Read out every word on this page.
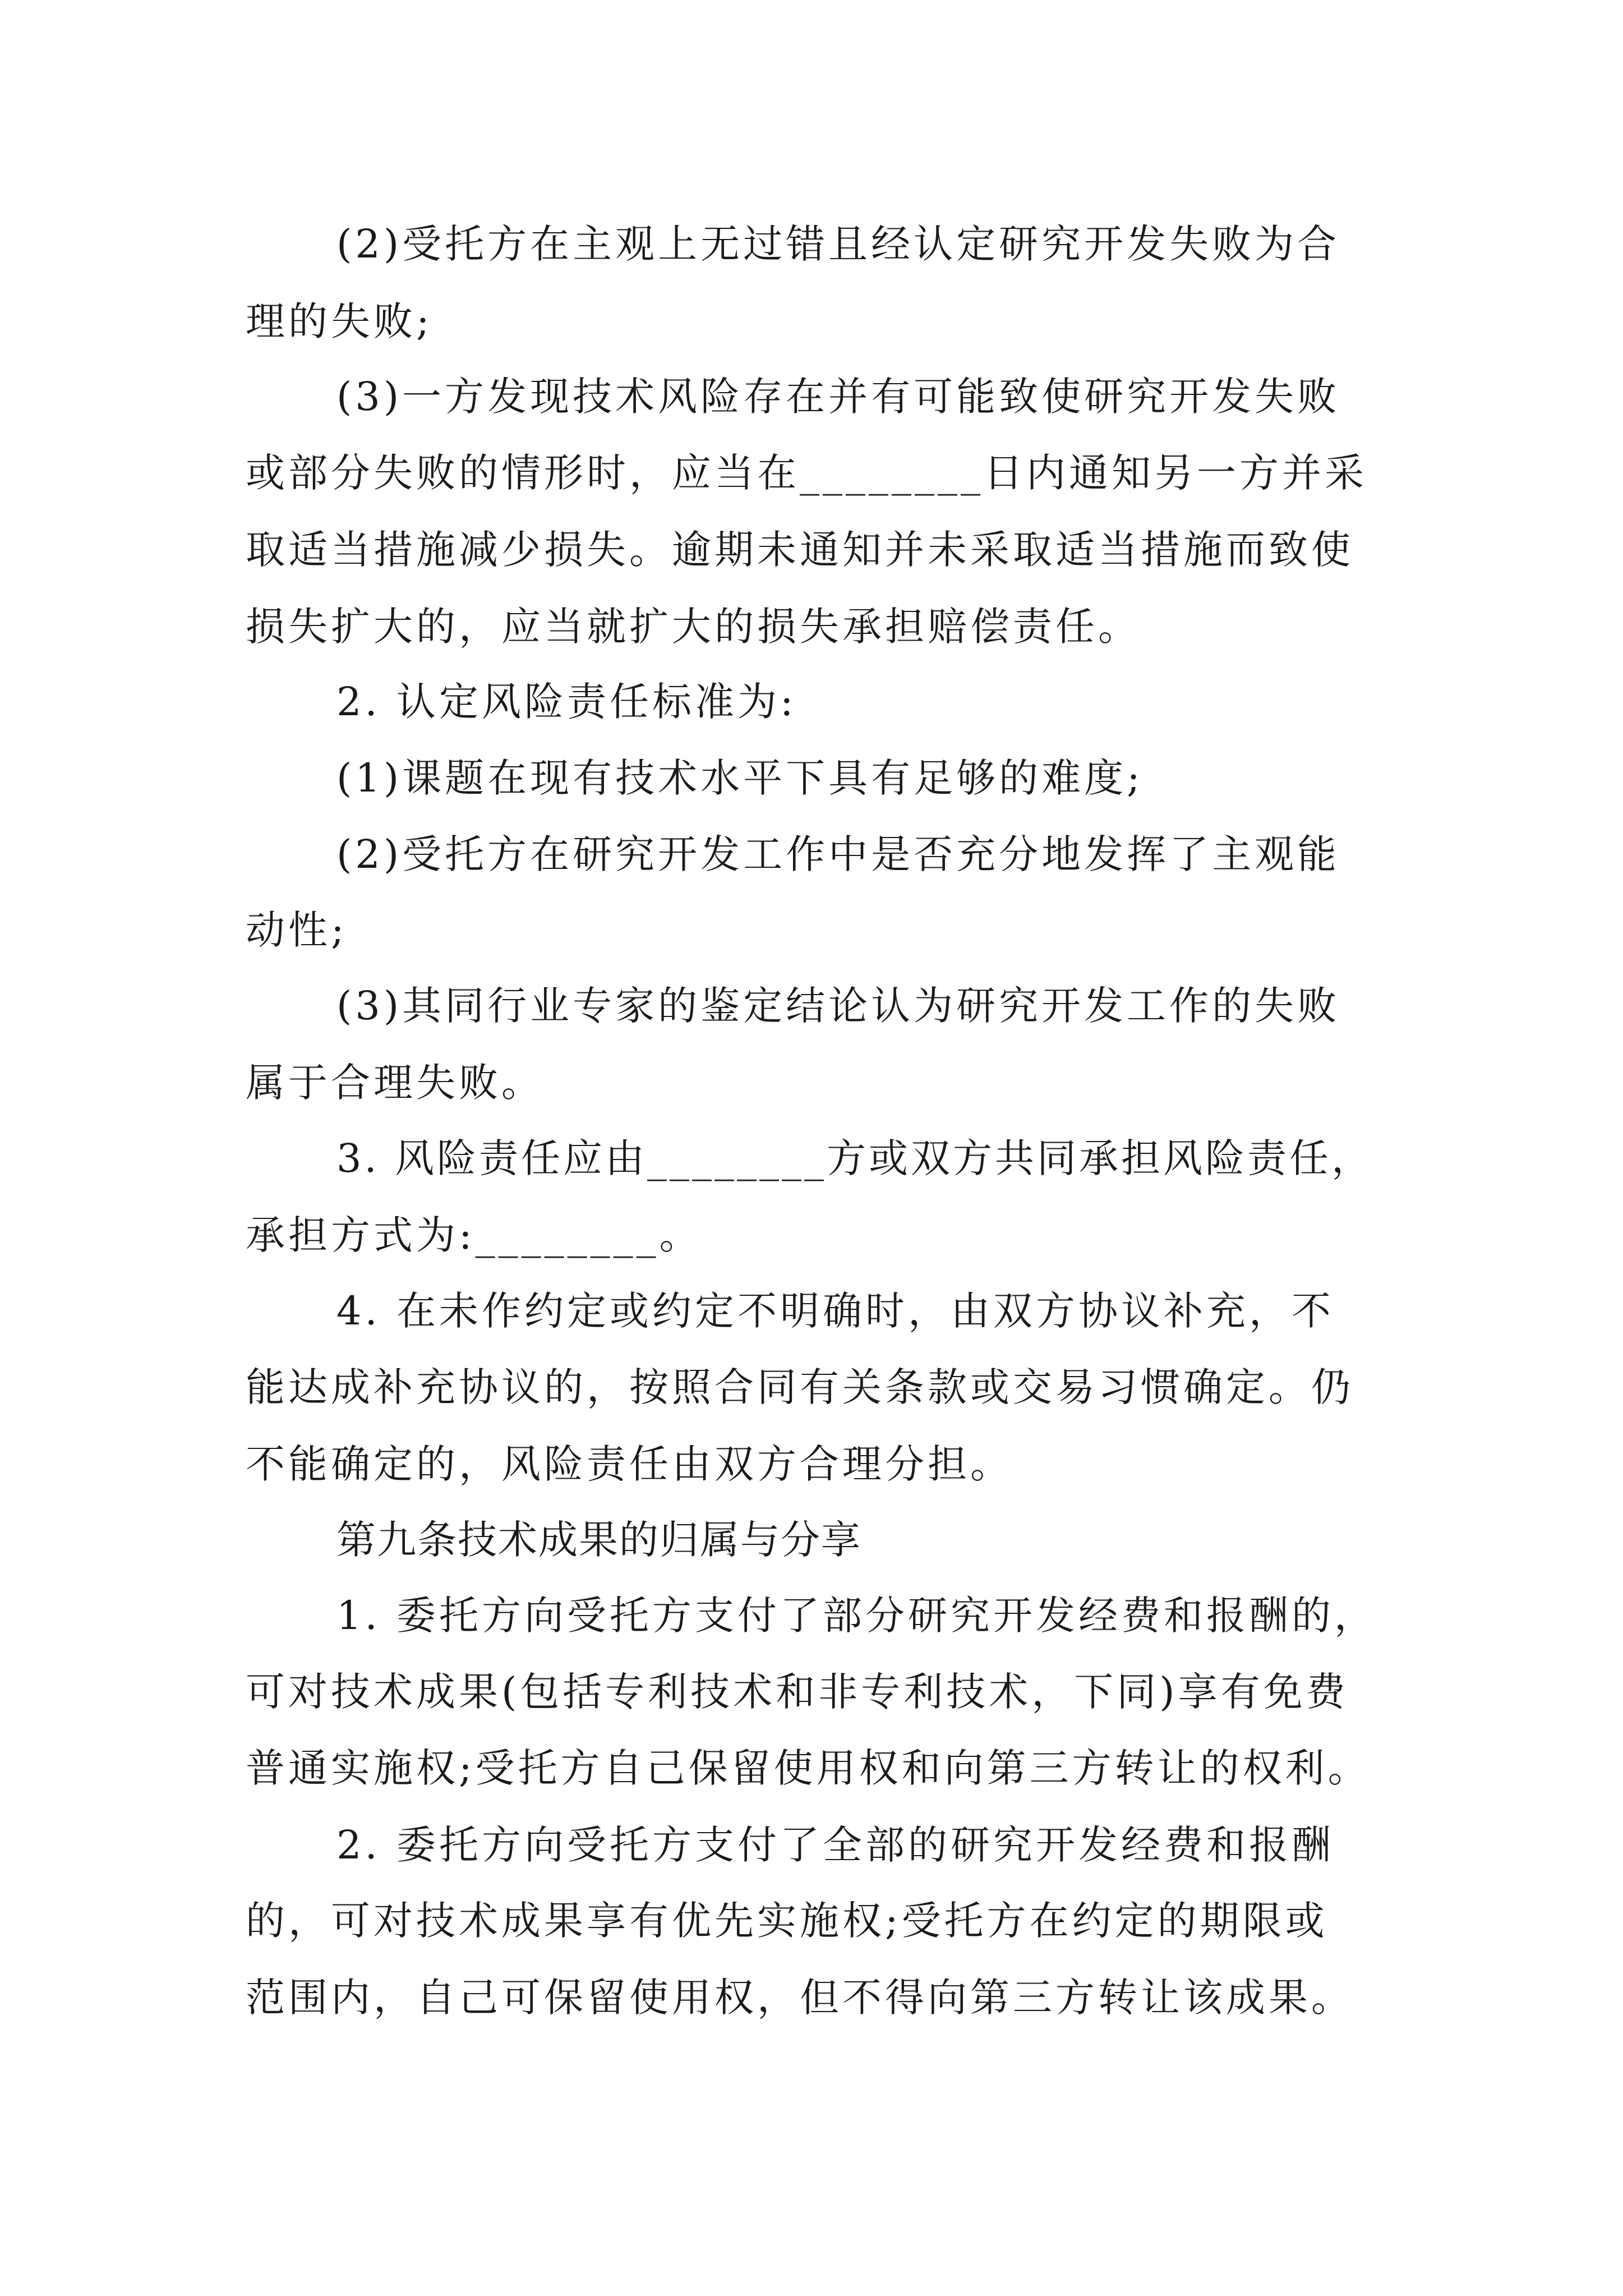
(2)受托方在主观上无过错且经认定研究开发失败为合
理的失败;
(3)一方发现技术风险存在并有可能致使研究开发失败
或部分失败的情形时，应当在________日内通知另一方并采
取适当措施减少损失。逾期未通知并未采取适当措施而致使
损失扩大的，应当就扩大的损失承担赔偿责任。
2. 认定风险责任标准为:
(1)课题在现有技术水平下具有足够的难度;
(2)受托方在研究开发工作中是否充分地发挥了主观能
动性;
(3)其同行业专家的鉴定结论认为研究开发工作的失败
属于合理失败。
3. 风险责任应由________方或双方共同承担风险责任，
承担方式为:________。
4. 在未作约定或约定不明确时，由双方协议补充，不
能达成补充协议的，按照合同有关条款或交易习惯确定。仍
不能确定的，风险责任由双方合理分担。
第九条技术成果的归属与分享
1. 委托方向受托方支付了部分研究开发经费和报酬的，
可对技术成果(包括专利技术和非专利技术，下同)享有免费
普通实施权;受托方自己保留使用权和向第三方转让的权利。
2. 委托方向受托方支付了全部的研究开发经费和报酬
的，可对技术成果享有优先实施权;受托方在约定的期限或
范围内，自己可保留使用权，但不得向第三方转让该成果。
